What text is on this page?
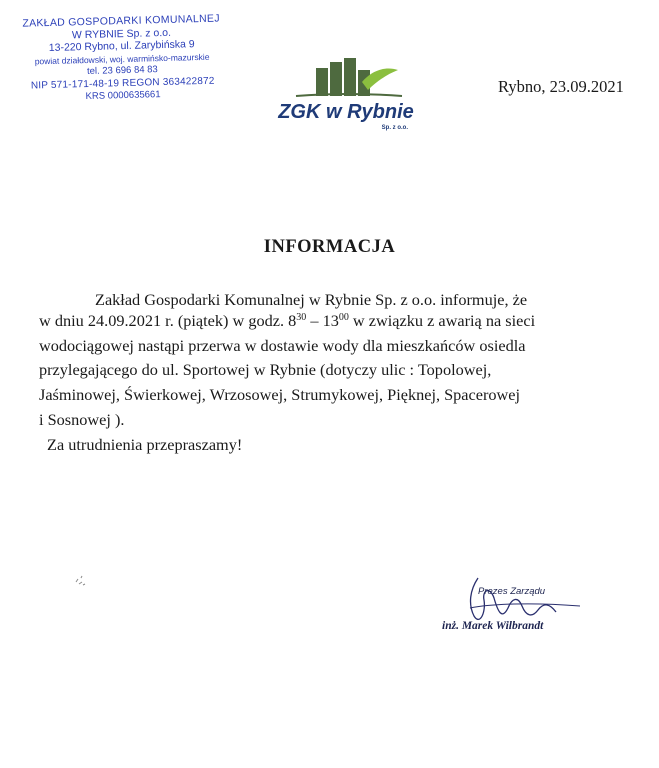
ZAKŁAD GOSPODARKI KOMUNALNEJ
W RYBNIE Sp. z o.o.
13-220 Rybno, ul. Zarybińska 9
powiat działdowski, woj. warmińsko-mazurskie
tel. 23 696 84 83
NIP 571-171-48-19 REGON 363422872
KRS 0000635661
ZGK w Rybnie
Sp. z o.o.
Rybno, 23.09.2021
INFORMACJA
Zakład Gospodarki Komunalnej w Rybnie Sp. z o.o. informuje, że
w dniu 24.09.2021 r. (piątek) w godz. $8^{30} - 13^{00}$ w związku z awarią na sieci
wodociągowej nastąpi przerwa w dostawie wody dla mieszkańców osiedla
przylegającego do ul. Sportowej w Rybnie (dotyczy ulic : Topolowej,
Jaśminowej, Świerkowej, Wrzosowej, Strumykowej, Pięknej, Spacerowej
i Sosnowej ).
Za utrudnienia przepraszamy!
Prezes Zarządu
inż. Marek Wilbrandt
